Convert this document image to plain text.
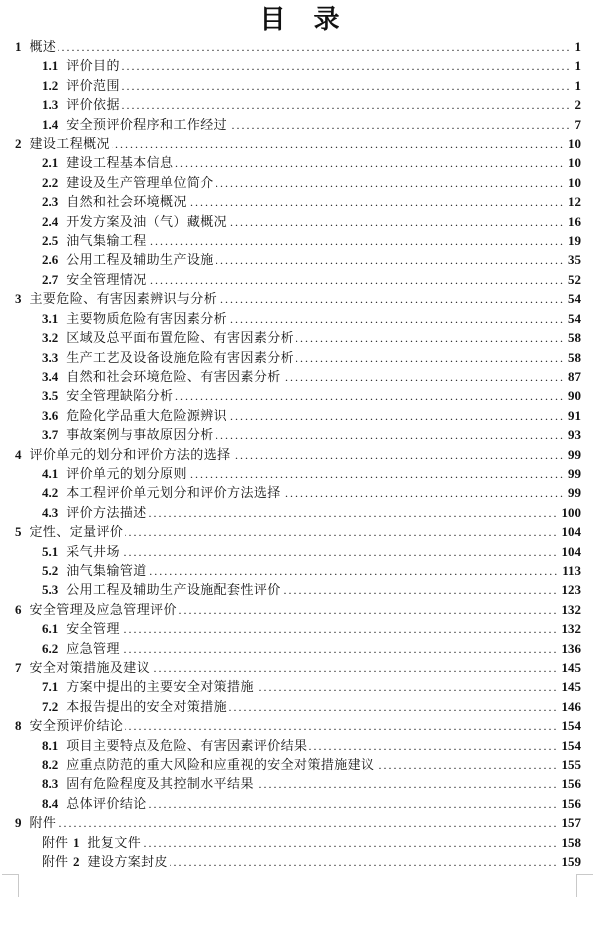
目　录
1 概述 .....	1
1.1 评价目的 .....	1
1.2 评价范围 .....	1
1.3 评价依据 .....	2
1.4 安全预评价程序和工作经过 .....	7
2 建设工程概况 .....	10
2.1 建设工程基本信息 .....	10
2.2 建设及生产管理单位简介 .....	10
2.3 自然和社会环境概况 .....	12
2.4 开发方案及油（气）藏概况 .....	16
2.5 油气集输工程 .....	19
2.6 公用工程及辅助生产设施 .....	35
2.7 安全管理情况 .....	52
3 主要危险、有害因素辨识与分析 .....	54
3.1 主要物质危险有害因素分析 .....	54
3.2 区域及总平面布置危险、有害因素分析 .....	58
3.3 生产工艺及设备设施危险有害因素分析 .....	58
3.4 自然和社会环境危险、有害因素分析 .....	87
3.5 安全管理缺陷分析 .....	90
3.6 危险化学品重大危险源辨识 .....	91
3.7 事故案例与事故原因分析 .....	93
4 评价单元的划分和评价方法的选择 .....	99
4.1 评价单元的划分原则 .....	99
4.2 本工程评价单元划分和评价方法选择 .....	99
4.3 评价方法描述 .....	100
5 定性、定量评价 .....	104
5.1 采气井场 .....	104
5.2 油气集输管道 .....	113
5.3 公用工程及辅助生产设施配套性评价 .....	123
6 安全管理及应急管理评价 .....	132
6.1 安全管理 .....	132
6.2 应急管理 .....	136
7 安全对策措施及建议 .....	145
7.1 方案中提出的主要安全对策措施 .....	145
7.2 本报告提出的安全对策措施 .....	146
8 安全预评价结论 .....	154
8.1 项目主要特点及危险、有害因素评价结果 .....	154
8.2 应重点防范的重大风险和应重视的安全对策措施建议 .....	155
8.3 固有危险程度及其控制水平结果 .....	156
8.4 总体评价结论 .....	156
9 附件 .....	157
附件 1 批复文件 .....	158
附件 2 建设方案封皮 .....	159
